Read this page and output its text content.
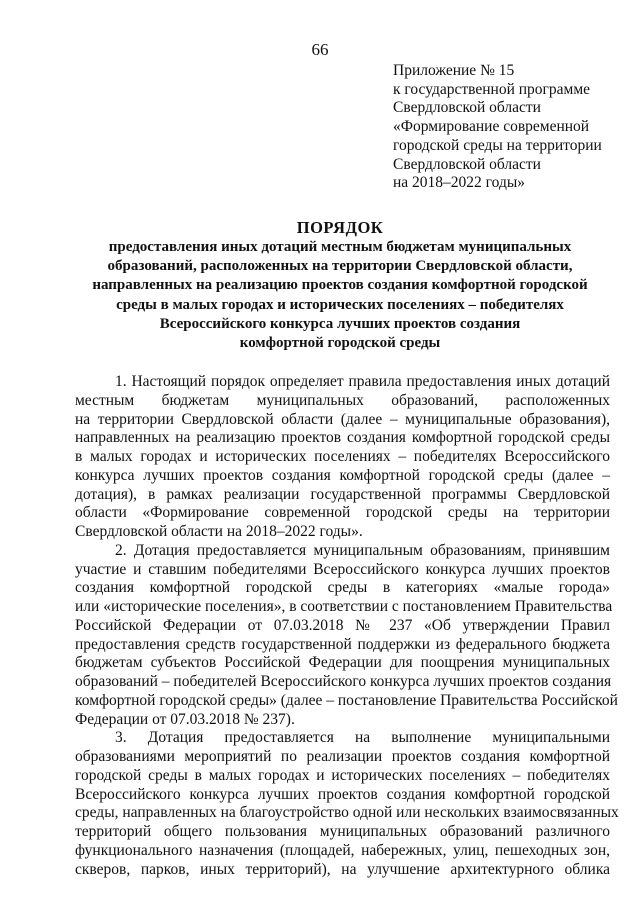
66
Приложение № 15
к государственной программе
Свердловской области
«Формирование современной
городской среды на территории
Свердловской области
на 2018–2022 годы»
ПОРЯДОК
предоставления иных дотаций местным бюджетам муниципальных
образований, расположенных на территории Свердловской области,
направленных на реализацию проектов создания комфортной городской
среды в малых городах и исторических поселениях – победителях
Всероссийского конкурса лучших проектов создания
комфортной городской среды
1. Настоящий порядок определяет правила предоставления иных дотаций
местным бюджетам муниципальных образований, расположенных
на территории Свердловской области (далее – муниципальные образования),
направленных на реализацию проектов создания комфортной городской среды
в малых городах и исторических поселениях – победителях Всероссийского
конкурса лучших проектов создания комфортной городской среды (далее –
дотация), в рамках реализации государственной программы Свердловской
области «Формирование современной городской среды на территории
Свердловской области на 2018–2022 годы».
2. Дотация предоставляется муниципальным образованиям, принявшим
участие и ставшим победителями Всероссийского конкурса лучших проектов
создания комфортной городской среды в категориях «малые города»
или «исторические поселения», в соответствии с постановлением Правительства
Российской Федерации от 07.03.2018 № 237 «Об утверждении Правил
предоставления средств государственной поддержки из федерального бюджета
бюджетам субъектов Российской Федерации для поощрения муниципальных
образований – победителей Всероссийского конкурса лучших проектов создания
комфортной городской среды» (далее – постановление Правительства Российской
Федерации от 07.03.2018 № 237).
3. Дотация предоставляется на выполнение муниципальными
образованиями мероприятий по реализации проектов создания комфортной
городской среды в малых городах и исторических поселениях – победителях
Всероссийского конкурса лучших проектов создания комфортной городской
среды, направленных на благоустройство одной или нескольких взаимосвязанных
территорий общего пользования муниципальных образований различного
функционального назначения (площадей, набережных, улиц, пешеходных зон,
скверов, парков, иных территорий), на улучшение архитектурного облика
